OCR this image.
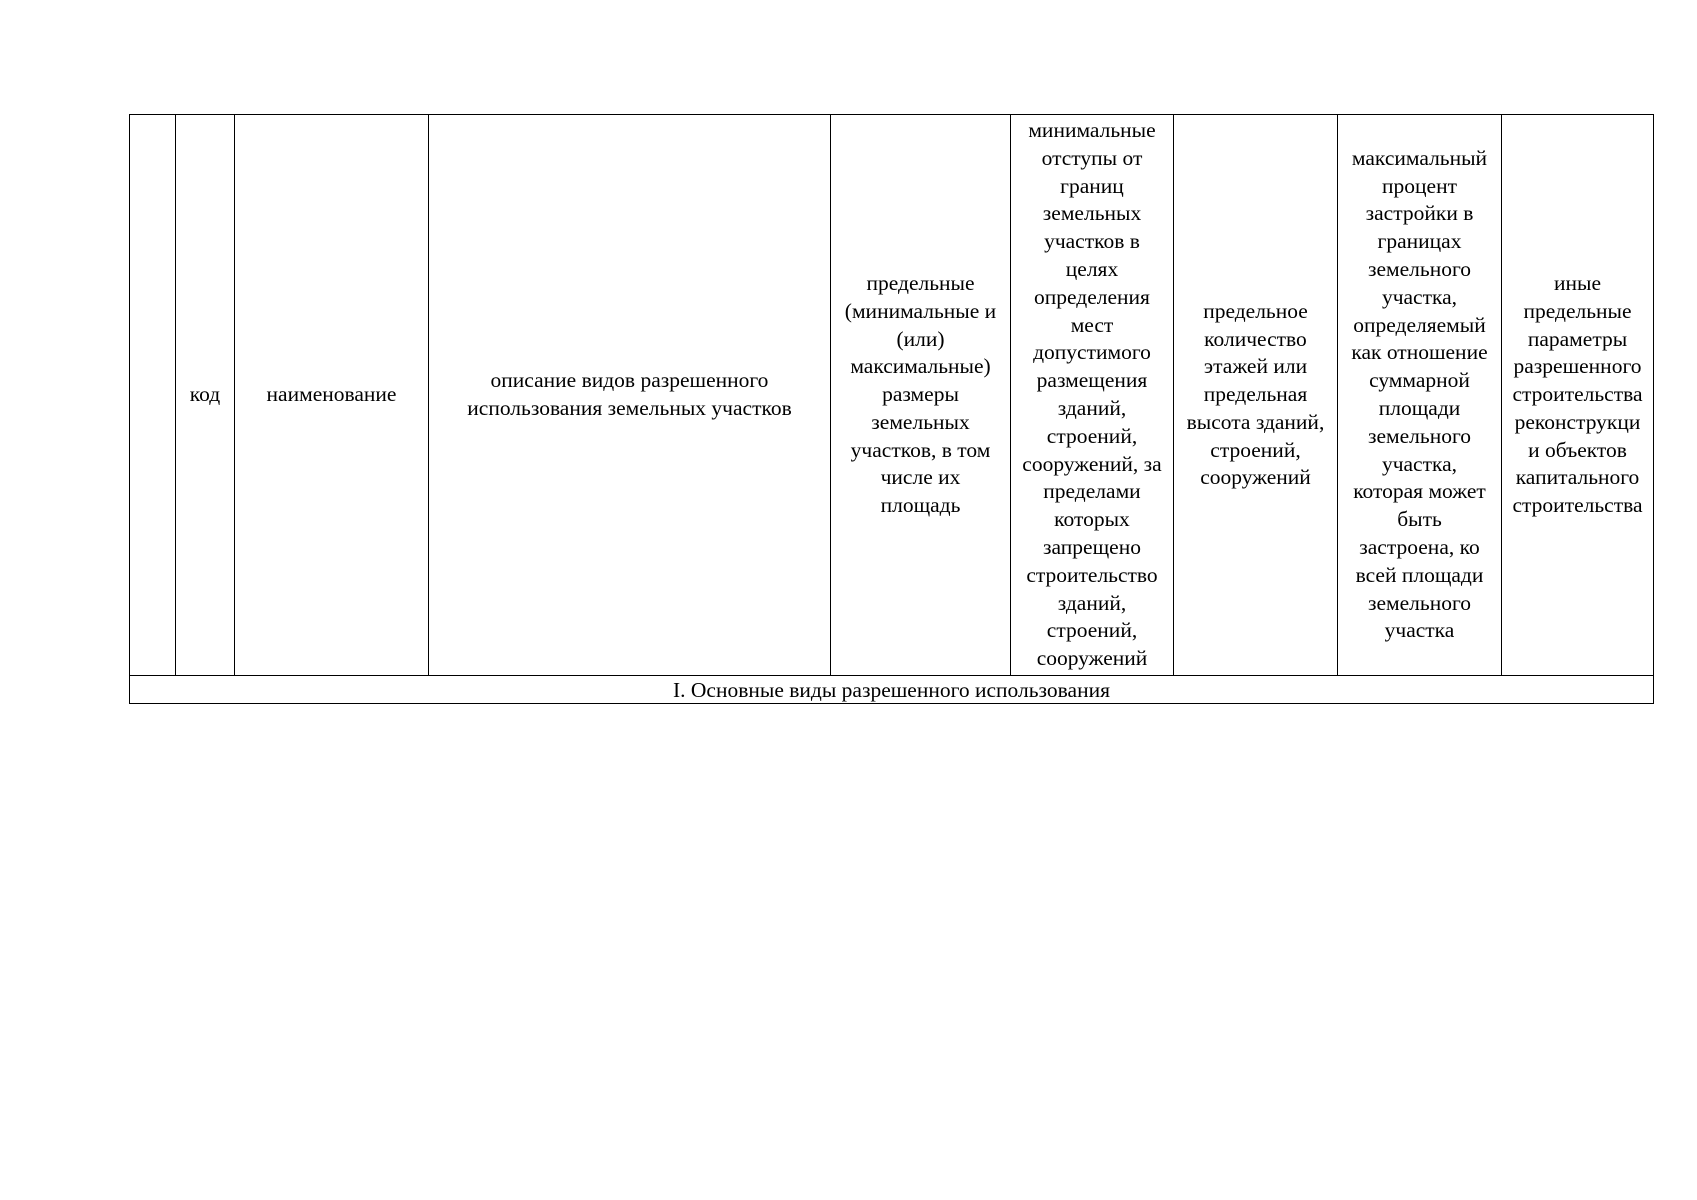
	код	наименование	описание видов разрешенного
использования земельных участков	предельные
(минимальные и
(или)
максимальные)
размеры
земельных
участков, в том
числе их
площадь	минимальные
отступы от
границ
земельных
участков в
целях
определения
мест
допустимого
размещения
зданий,
строений,
сооружений, за
пределами
которых
запрещено
строительство
зданий,
строений,
сооружений	предельное
количество
этажей или
предельная
высота зданий,
строений,
сооружений	максимальный
процент
застройки в
границах
земельного
участка,
определяемый
как отношение
суммарной
площади
земельного
участка,
которая может
быть
застроена, ко
всей площади
земельного
участка	иные
предельные
параметры
разрешенного
строительства
реконструкци
и объектов
капитального
строительства
I. Основные виды разрешенного использования
